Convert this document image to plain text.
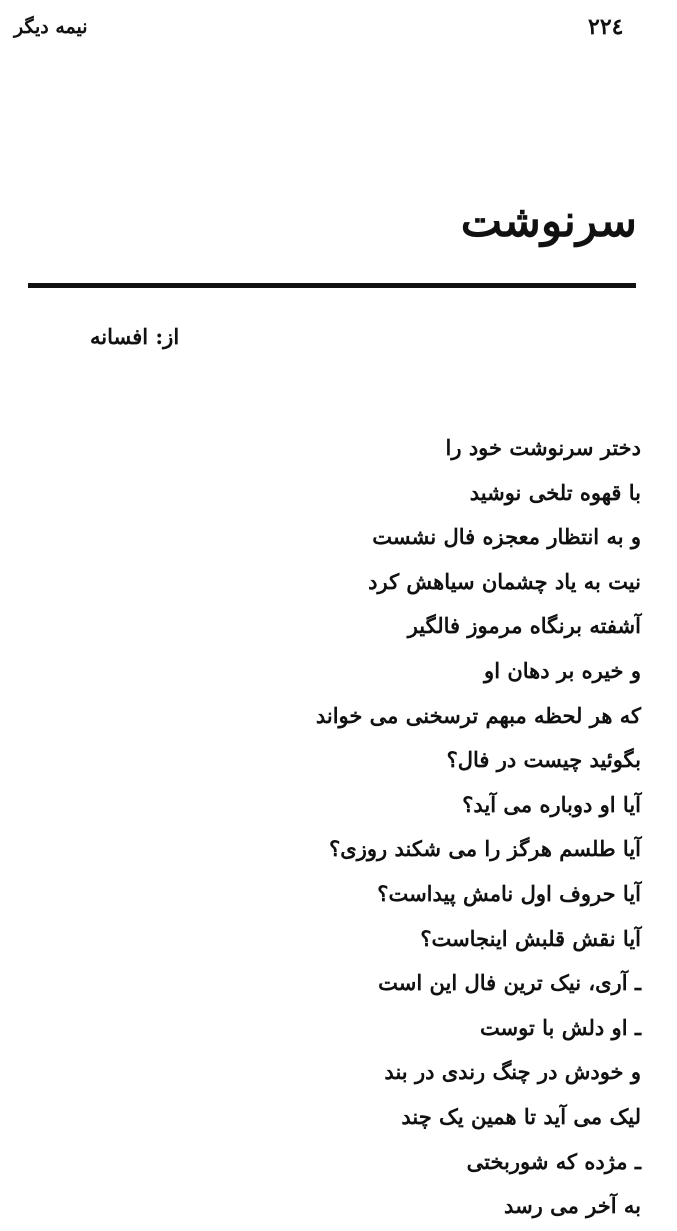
نیمه دیگر	۲۲٤
سرنوشت
از: افسانه
دختر سرنوشت خود را
با قهوه تلخی نوشید
و به انتظار معجزه فال نشست
نیت به یاد چشمان سیاهش کرد
آشفته برنگاه مرموز فالگیر
و خیره بر دهان او
که هر لحظه مبهم ترسخنی می خواند
بگوئید چیست در فال؟
آیا او دوباره می آید؟
آیا طلسم هرگز را می شکند روزی؟
آیا حروف اول نامش پیداست؟
آیا نقش قلبش اینجاست؟
ـ آری، نیک ترین فال این است
ـ او دلش با توست
و خودش در چنگ رندی در بند
لیک می آید تا همین یک چند
ـ مژده که شوربختی
به آخر می رسد
